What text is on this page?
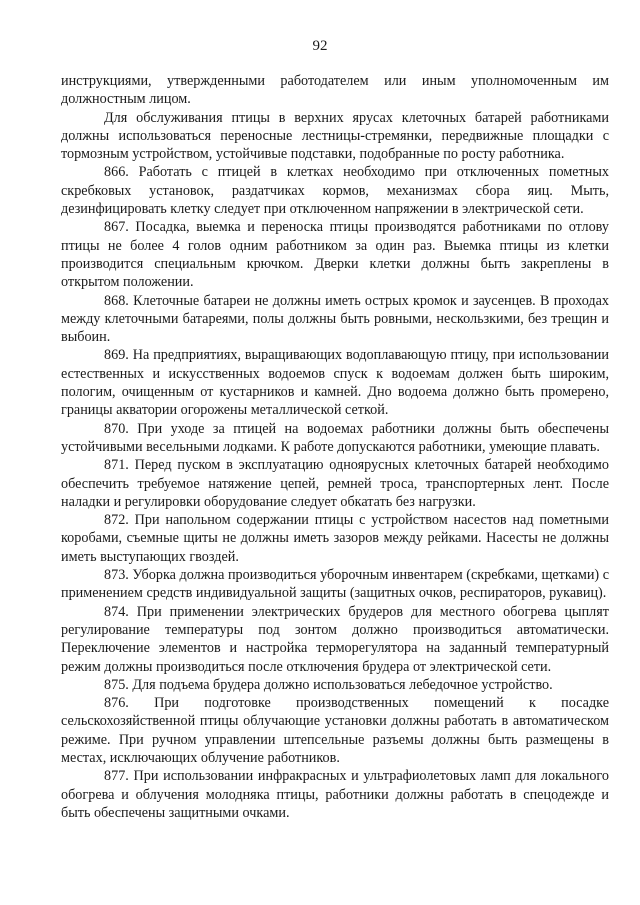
92

инструкциями, утвержденными работодателем или иным уполномоченным им должностным лицом.

Для обслуживания птицы в верхних ярусах клеточных батарей работниками должны использоваться переносные лестницы-стремянки, передвижные площадки с тормозным устройством, устойчивые подставки, подобранные по росту работника.

866. Работать с птицей в клетках необходимо при отключенных пометных скребковых установок, раздатчиках кормов, механизмах сбора яиц. Мыть, дезинфицировать клетку следует при отключенном напряжении в электрической сети.

867. Посадка, выемка и переноска птицы производятся работниками по отлову птицы не более 4 голов одним работником за один раз. Выемка птицы из клетки производится специальным крючком. Дверки клетки должны быть закреплены в открытом положении.

868. Клеточные батареи не должны иметь острых кромок и заусенцев. В проходах между клеточными батареями, полы должны быть ровными, нескользкими, без трещин и выбоин.

869. На предприятиях, выращивающих водоплавающую птицу, при использовании естественных и искусственных водоемов спуск к водоемам должен быть широким, пологим, очищенным от кустарников и камней. Дно водоема должно быть промерено, границы акватории огорожены металлической сеткой.

870. При уходе за птицей на водоемах работники должны быть обеспечены устойчивыми весельными лодками. К работе допускаются работники, умеющие плавать.

871. Перед пуском в эксплуатацию одноярусных клеточных батарей необходимо обеспечить требуемое натяжение цепей, ремней троса, транспортерных лент. После наладки и регулировки оборудование следует обкатать без нагрузки.

872. При напольном содержании птицы с устройством насестов над пометными коробами, съемные щиты не должны иметь зазоров между рейками. Насесты не должны иметь выступающих гвоздей.

873. Уборка должна производиться уборочным инвентарем (скребками, щетками) с применением средств индивидуальной защиты (защитных очков, респираторов, рукавиц).

874. При применении электрических брудеров для местного обогрева цыплят регулирование температуры под зонтом должно производиться автоматически. Переключение элементов и настройка терморегулятора на заданный температурный режим должны производиться после отключения брудера от электрической сети.

875. Для подъема брудера должно использоваться лебедочное устройство.

876. При подготовке производственных помещений к посадке сельскохозяйственной птицы облучающие установки должны работать в автоматическом режиме. При ручном управлении штепсельные разъемы должны быть размещены в местах, исключающих облучение работников.

877. При использовании инфракрасных и ультрафиолетовых ламп для локального обогрева и облучения молодняка птицы, работники должны работать в спецодежде и быть обеспечены защитными очками.
